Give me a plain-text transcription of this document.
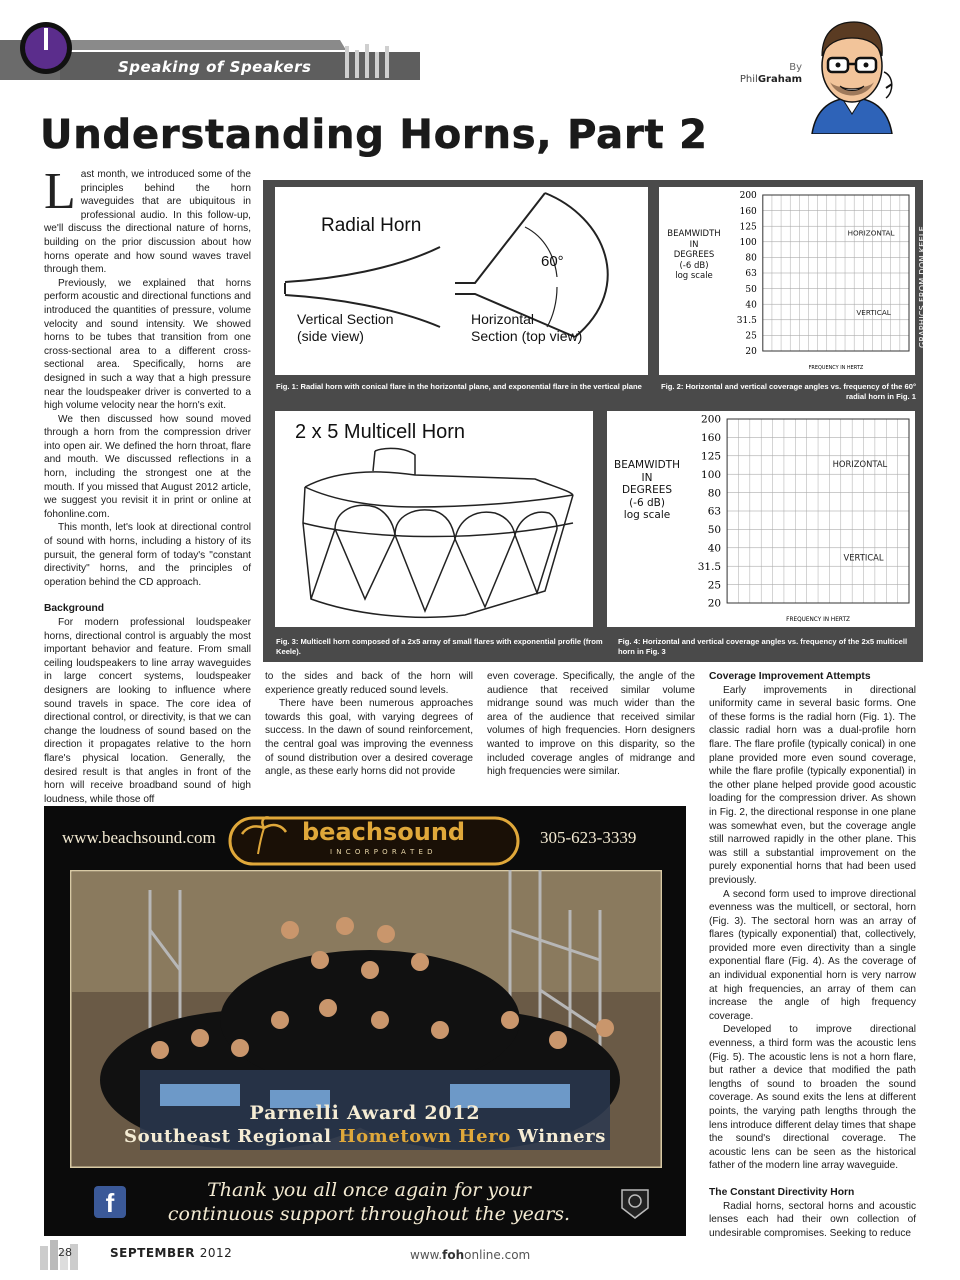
Speaking of Speakers	By
PhilGraham
Understanding Horns, Part 2

Last month, we introduced some of the principles behind the horn waveguides that are ubiquitous in professional audio. In this follow-up, we'll discuss the directional nature of horns, building on the prior discussion about how horns operate and how sound waves travel through them.

Previously, we explained that horns perform acoustic and directional functions and introduced the quantities of pressure, volume velocity and sound intensity. We showed horns to be tubes that transition from one cross-sectional area to a different cross-sectional area. Specifically, horns are designed in such a way that a high pressure near the loudspeaker driver is converted to a high volume velocity near the horn's exit.

We then discussed how sound moved through a horn from the compression driver into open air. We defined the horn throat, flare and mouth. We discussed reflections in a horn, including the strongest one at the mouth. If you missed that August 2012 article, we suggest you revisit it in print or online at fohonline.com.

This month, let's look at directional control of sound with horns, including a history of its pursuit, the general form of today's "constant directivity" horns, and the principles of operation behind the CD approach.

Background

For modern professional loudspeaker horns, directional control is arguably the most important behavior and feature. From small ceiling loudspeakers to line array waveguides in large concert systems, loudspeaker designers are looking to influence where sound travels in space. The core idea of directional control, or directivity, is that we can change the loudness of sound based on the direction it propagates relative to the horn flare's physical location. Generally, the desired result is that angles in front of the horn will receive broadband sound of high loudness, while those off

Radial Horn
60°
Vertical Section
(side view)
Horizontal
Section (top view)
Fig. 1: Radial horn with conical flare in the horizontal plane, and exponential flare in the vertical plane
BEAMWIDTH
IN
DEGREES
(-6 dB)
log scale
200
160
125
100
80
63
50
40
31.5
25
20
FREQUENCY IN HERTZ
HORIZONTAL
VERTICAL	GRAPHICS FROM DON KEELE
Fig. 2: Horizontal and vertical coverage angles vs. frequency of the 60° radial horn in Fig. 1
2 x 5 Multicell Horn
Fig. 3: Multicell horn composed of a 2x5 array of small flares with exponential profile (from Keele).
BEAMWIDTH
IN
DEGREES
(-6 dB)
log scale
200
160
125
100
80
63
50
40
31.5
25
20
FREQUENCY IN HERTZ
HORIZONTAL
VERTICAL
Fig. 4: Horizontal and vertical coverage angles vs. frequency of the 2x5 multicell horn in Fig. 3

to the sides and back of the horn will experience greatly reduced sound levels.

There have been numerous approaches towards this goal, with varying degrees of success. In the dawn of sound reinforcement, the central goal was improving the evenness of sound distribution over a desired coverage angle, as these early horns did not provide

even coverage. Specifically, the angle of the audience that received similar volume midrange sound was much wider than the area of the audience that received similar volumes of high frequencies. Horn designers wanted to improve on this disparity, so the included coverage angles of midrange and high frequencies were similar.

Coverage Improvement Attempts

Early improvements in directional uniformity came in several basic forms. One of these forms is the radial horn (Fig. 1). The classic radial horn was a dual-profile horn flare. The flare profile (typically conical) in one plane provided more even sound coverage, while the flare profile (typically exponential) in the other plane helped provide good acoustic loading for the compression driver. As shown in Fig. 2, the directional response in one plane was somewhat even, but the coverage angle still narrowed rapidly in the other plane. This was still a substantial improvement on the purely exponential horns that had been used previously.

A second form used to improve directional evenness was the multicell, or sectoral, horn (Fig. 3). The sectoral horn was an array of flares (typically exponential) that, collectively, provided more even directivity than a single exponential flare (Fig. 4). As the coverage of an individual exponential horn is very narrow at high frequencies, an array of them can increase the angle of high frequency coverage.

Developed to improve directional evenness, a third form was the acoustic lens (Fig. 5). The acoustic lens is not a horn flare, but rather a device that modified the path lengths of sound to broaden the sound coverage. As sound exits the lens at different points, the varying path lengths through the lens introduce different delay times that shape the sound's directional coverage. The acoustic lens can be seen as the historical father of the modern line array waveguide.

The Constant Directivity Horn

Radial horns, sectoral horns and acoustic lenses each had their own collection of undesirable compromises. Seeking to reduce

www.beachsound.com	beachsound
I N C O R P O R A T E D
305-623-3339
Parnelli Award 2012
Southeast Regional Hometown Hero Winners
f	Thank you all once again for your
continuous support throughout the years.
28	SEPTEMBER 2012	www.fohonline.com
